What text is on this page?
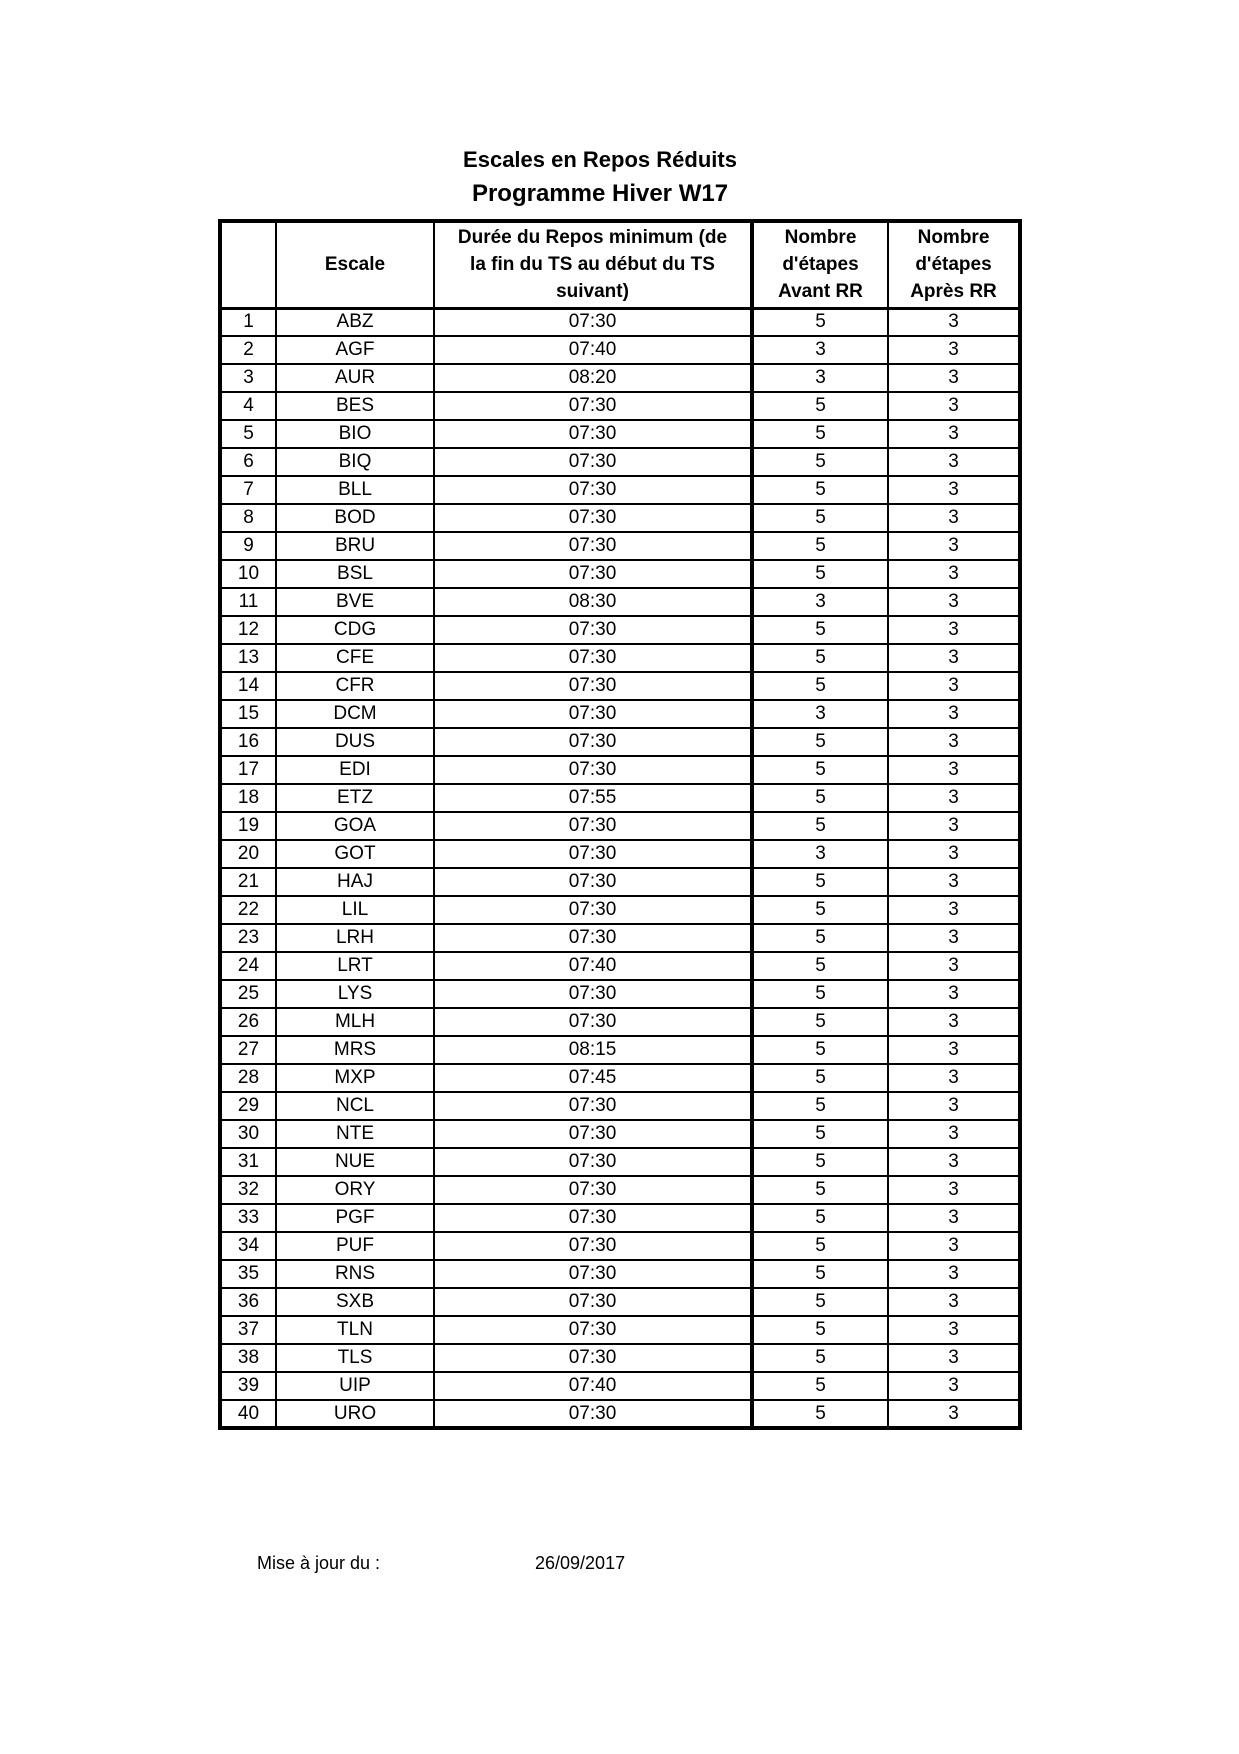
Escales en Repos Réduits
Programme Hiver W17
	Escale	Durée du Repos minimum (de
la fin du TS au début du TS
suivant)	Nombre
d'étapes
Avant RR	Nombre
d'étapes
Après RR

1	ABZ	07:30	5	3
2	AGF	07:40	3	3
3	AUR	08:20	3	3
4	BES	07:30	5	3
5	BIO	07:30	5	3
6	BIQ	07:30	5	3
7	BLL	07:30	5	3
8	BOD	07:30	5	3
9	BRU	07:30	5	3
10	BSL	07:30	5	3
11	BVE	08:30	3	3
12	CDG	07:30	5	3
13	CFE	07:30	5	3
14	CFR	07:30	5	3
15	DCM	07:30	3	3
16	DUS	07:30	5	3
17	EDI	07:30	5	3
18	ETZ	07:55	5	3
19	GOA	07:30	5	3
20	GOT	07:30	3	3
21	HAJ	07:30	5	3
22	LIL	07:30	5	3
23	LRH	07:30	5	3
24	LRT	07:40	5	3
25	LYS	07:30	5	3
26	MLH	07:30	5	3
27	MRS	08:15	5	3
28	MXP	07:45	5	3
29	NCL	07:30	5	3
30	NTE	07:30	5	3
31	NUE	07:30	5	3
32	ORY	07:30	5	3
33	PGF	07:30	5	3
34	PUF	07:30	5	3
35	RNS	07:30	5	3
36	SXB	07:30	5	3
37	TLN	07:30	5	3
38	TLS	07:30	5	3
39	UIP	07:40	5	3
40	URO	07:30	5	3
Mise à jour du :	26/09/2017
